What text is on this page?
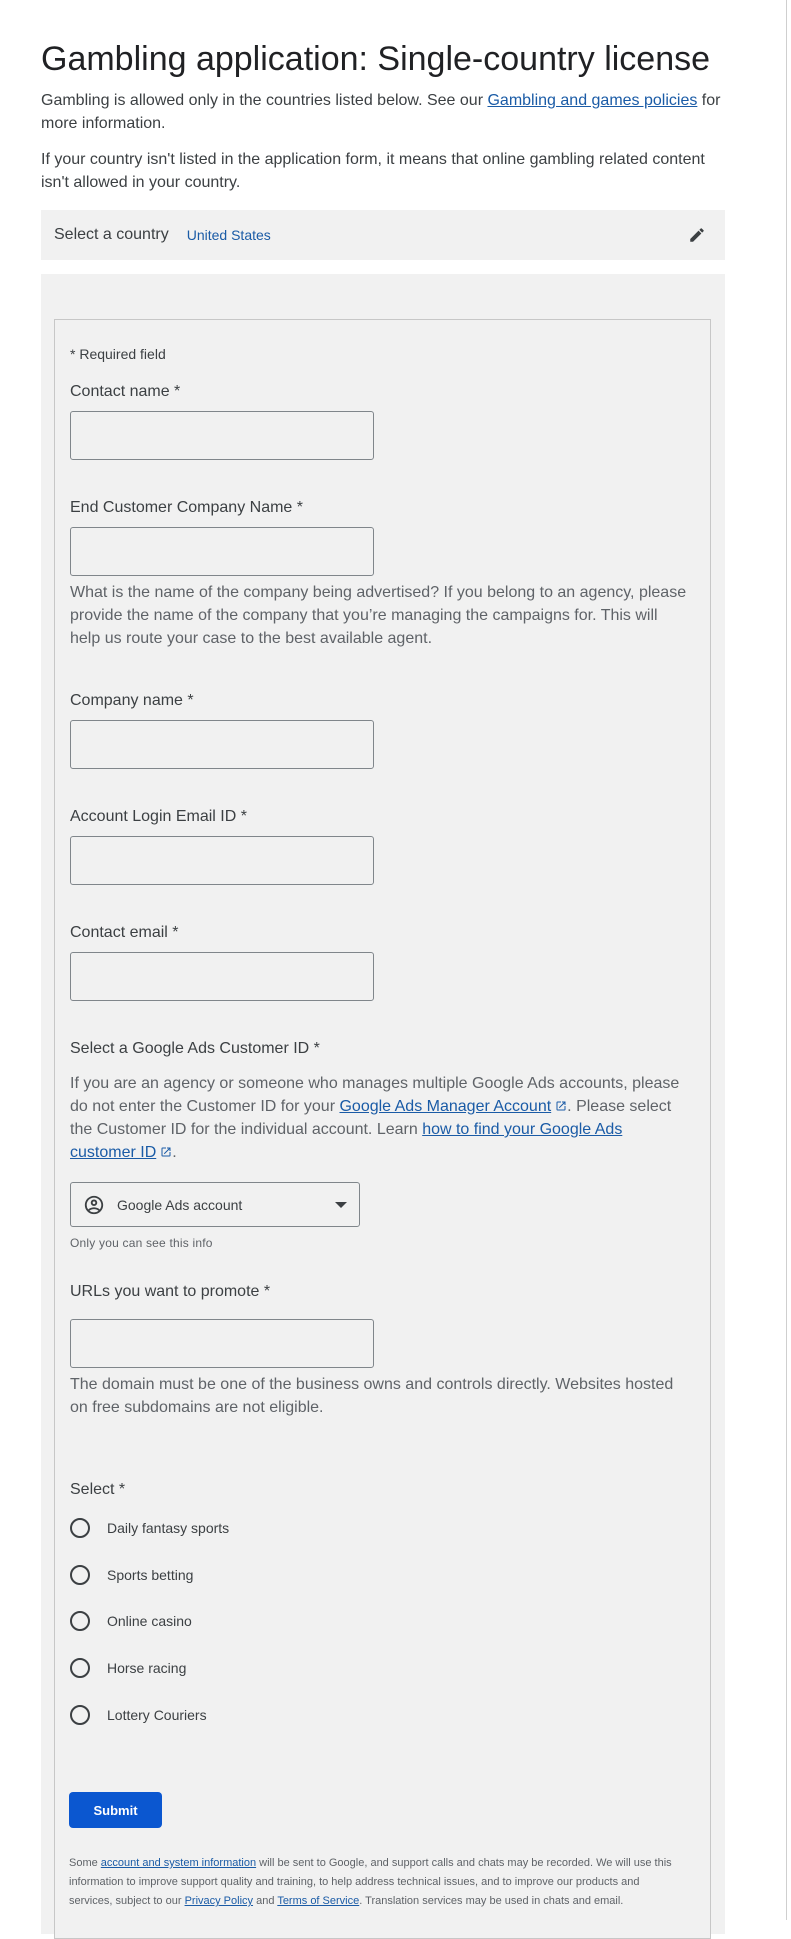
Gambling application: Single-country license

Gambling is allowed only in the countries listed below. See our Gambling and games policies for more information.

If your country isn't listed in the application form, it means that online gambling related content isn't allowed in your country.

Select a country United States
* Required field
Contact name *
End Customer Company Name *

What is the name of the company being advertised? If you belong to an agency, please provide the name of the company that you’re managing the campaigns for. This will help us route your case to the best available agent.

Company name *
Account Login Email ID *
Contact email *
Select a Google Ads Customer ID *

If you are an agency or someone who manages multiple Google Ads accounts, please do not enter the Customer ID for your Google Ads Manager Account . Please select the Customer ID for the individual account. Learn how to find your Google Ads customer ID .

Google Ads account
Only you can see this info
URLs you want to promote *

The domain must be one of the business owns and controls directly. Websites hosted on free subdomains are not eligible.

Select *
Daily fantasy sports
Sports betting
Online casino
Horse racing
Lottery Couriers
Submit

Some account and system information will be sent to Google, and support calls and chats may be recorded. We will use this information to improve support quality and training, to help address technical issues, and to improve our products and services, subject to our Privacy Policy and Terms of Service. Translation services may be used in chats and email.
